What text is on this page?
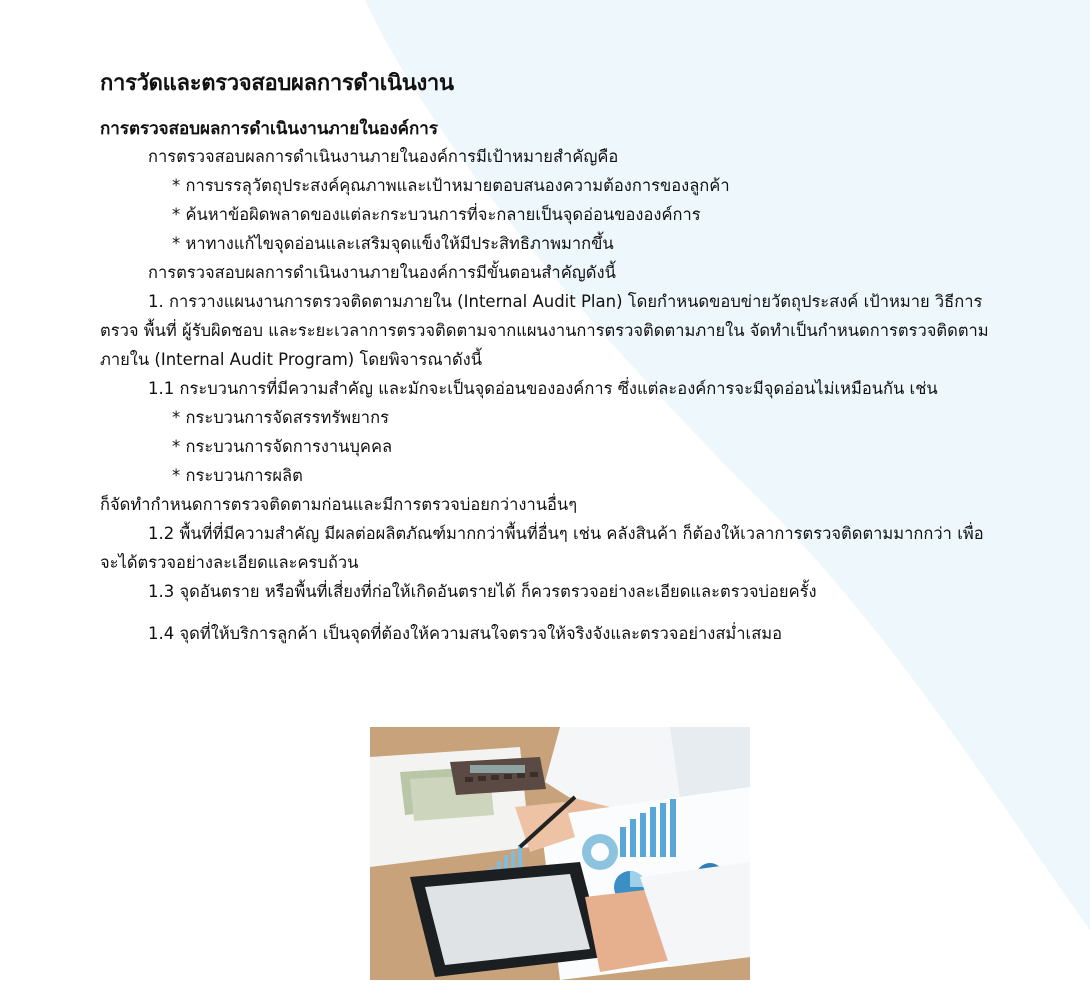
การวัดและตรวจสอบผลการดำเนินงาน
การตรวจสอบผลการดำเนินงานภายในองค์การ

การตรวจสอบผลการดำเนินงานภายในองค์การมีเป้าหมายสำคัญคือ

* การบรรลุวัตถุประสงค์คุณภาพและเป้าหมายตอบสนองความต้องการของลูกค้า

* ค้นหาข้อผิดพลาดของแต่ละกระบวนการที่จะกลายเป็นจุดอ่อนขององค์การ

* หาทางแก้ไขจุดอ่อนและเสริมจุดแข็งให้มีประสิทธิภาพมากขึ้น

การตรวจสอบผลการดำเนินงานภายในองค์การมีขั้นตอนสำคัญดังนี้

1. การวางแผนงานการตรวจติดตามภายใน (Internal Audit Plan) โดยกำหนดขอบข่ายวัตถุประสงค์ เป้าหมาย วิธีการตรวจ พื้นที่ ผู้รับผิดชอบ และระยะเวลาการตรวจติดตามจากแผนงานการตรวจติดตามภายใน จัดทำเป็นกำหนดการตรวจติดตามภายใน (Internal Audit Program) โดยพิจารณาดังนี้

1.1 กระบวนการที่มีความสำคัญ และมักจะเป็นจุดอ่อนขององค์การ ซึ่งแต่ละองค์การจะมีจุดอ่อนไม่เหมือนกัน เช่น

* กระบวนการจัดสรรทรัพยากร

* กระบวนการจัดการงานบุคคล

* กระบวนการผลิต

ก็จัดทำกำหนดการตรวจติดตามก่อนและมีการตรวจบ่อยกว่างานอื่นๆ

1.2 พื้นที่ที่มีความสำคัญ มีผลต่อผลิตภัณฑ์มากกว่าพื้นที่อื่นๆ เช่น คลังสินค้า ก็ต้องให้เวลาการตรวจติดตามมากกว่า เพื่อจะได้ตรวจอย่างละเอียดและครบถ้วน

1.3 จุดอันตราย หรือพื้นที่เสี่ยงที่ก่อให้เกิดอันตรายได้ ก็ควรตรวจอย่างละเอียดและตรวจบ่อยครั้ง

1.4 จุดที่ให้บริการลูกค้า เป็นจุดที่ต้องให้ความสนใจตรวจให้จริงจังและตรวจอย่างสม่ำเสมอ
